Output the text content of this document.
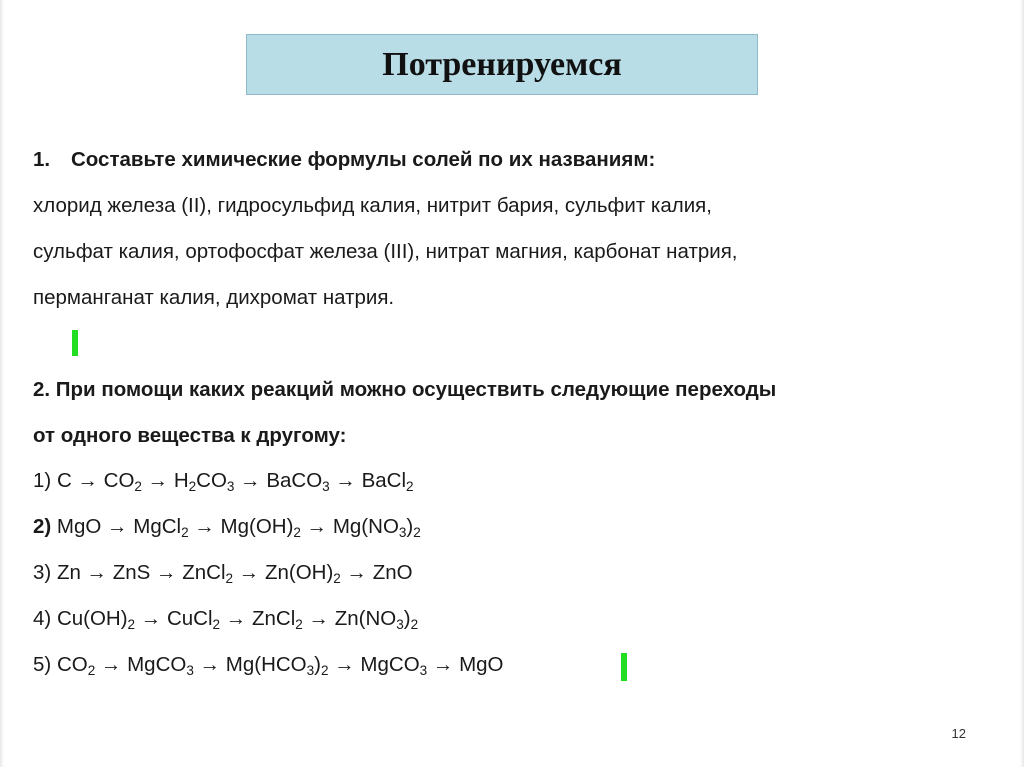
Потренируемся
1. Составьте химические формулы солей по их названиям:
хлорид железа (II), гидросульфид калия, нитрит бария, сульфит калия,
сульфат калия, ортофосфат железа (III), нитрат магния, карбонат натрия,
перманганат калия, дихромат натрия.
2. При помощи каких реакций можно осуществить следующие переходы
от одного вещества к другому:
1) $C \to CO_2 \to H_2CO_3$ → BaCO$_3$ → BaCl$_2$
2) MgO → MgCl$_2$ → $Mg(OH)_2 \to Mg(NO_3)_2$
3) Zn → ZnS → ZnCl$_2$ → $Zn(OH)_2$ → ZnO
4) $Cu(OH)_2$ → CuCl$_2$ → ZnCl$_2$ → $Zn(NO_3)_2$
5) $CO_2$ → MgCO$_3$ → $Mg(HCO_3)_2$ → MgCO$_3$ → MgO
12
